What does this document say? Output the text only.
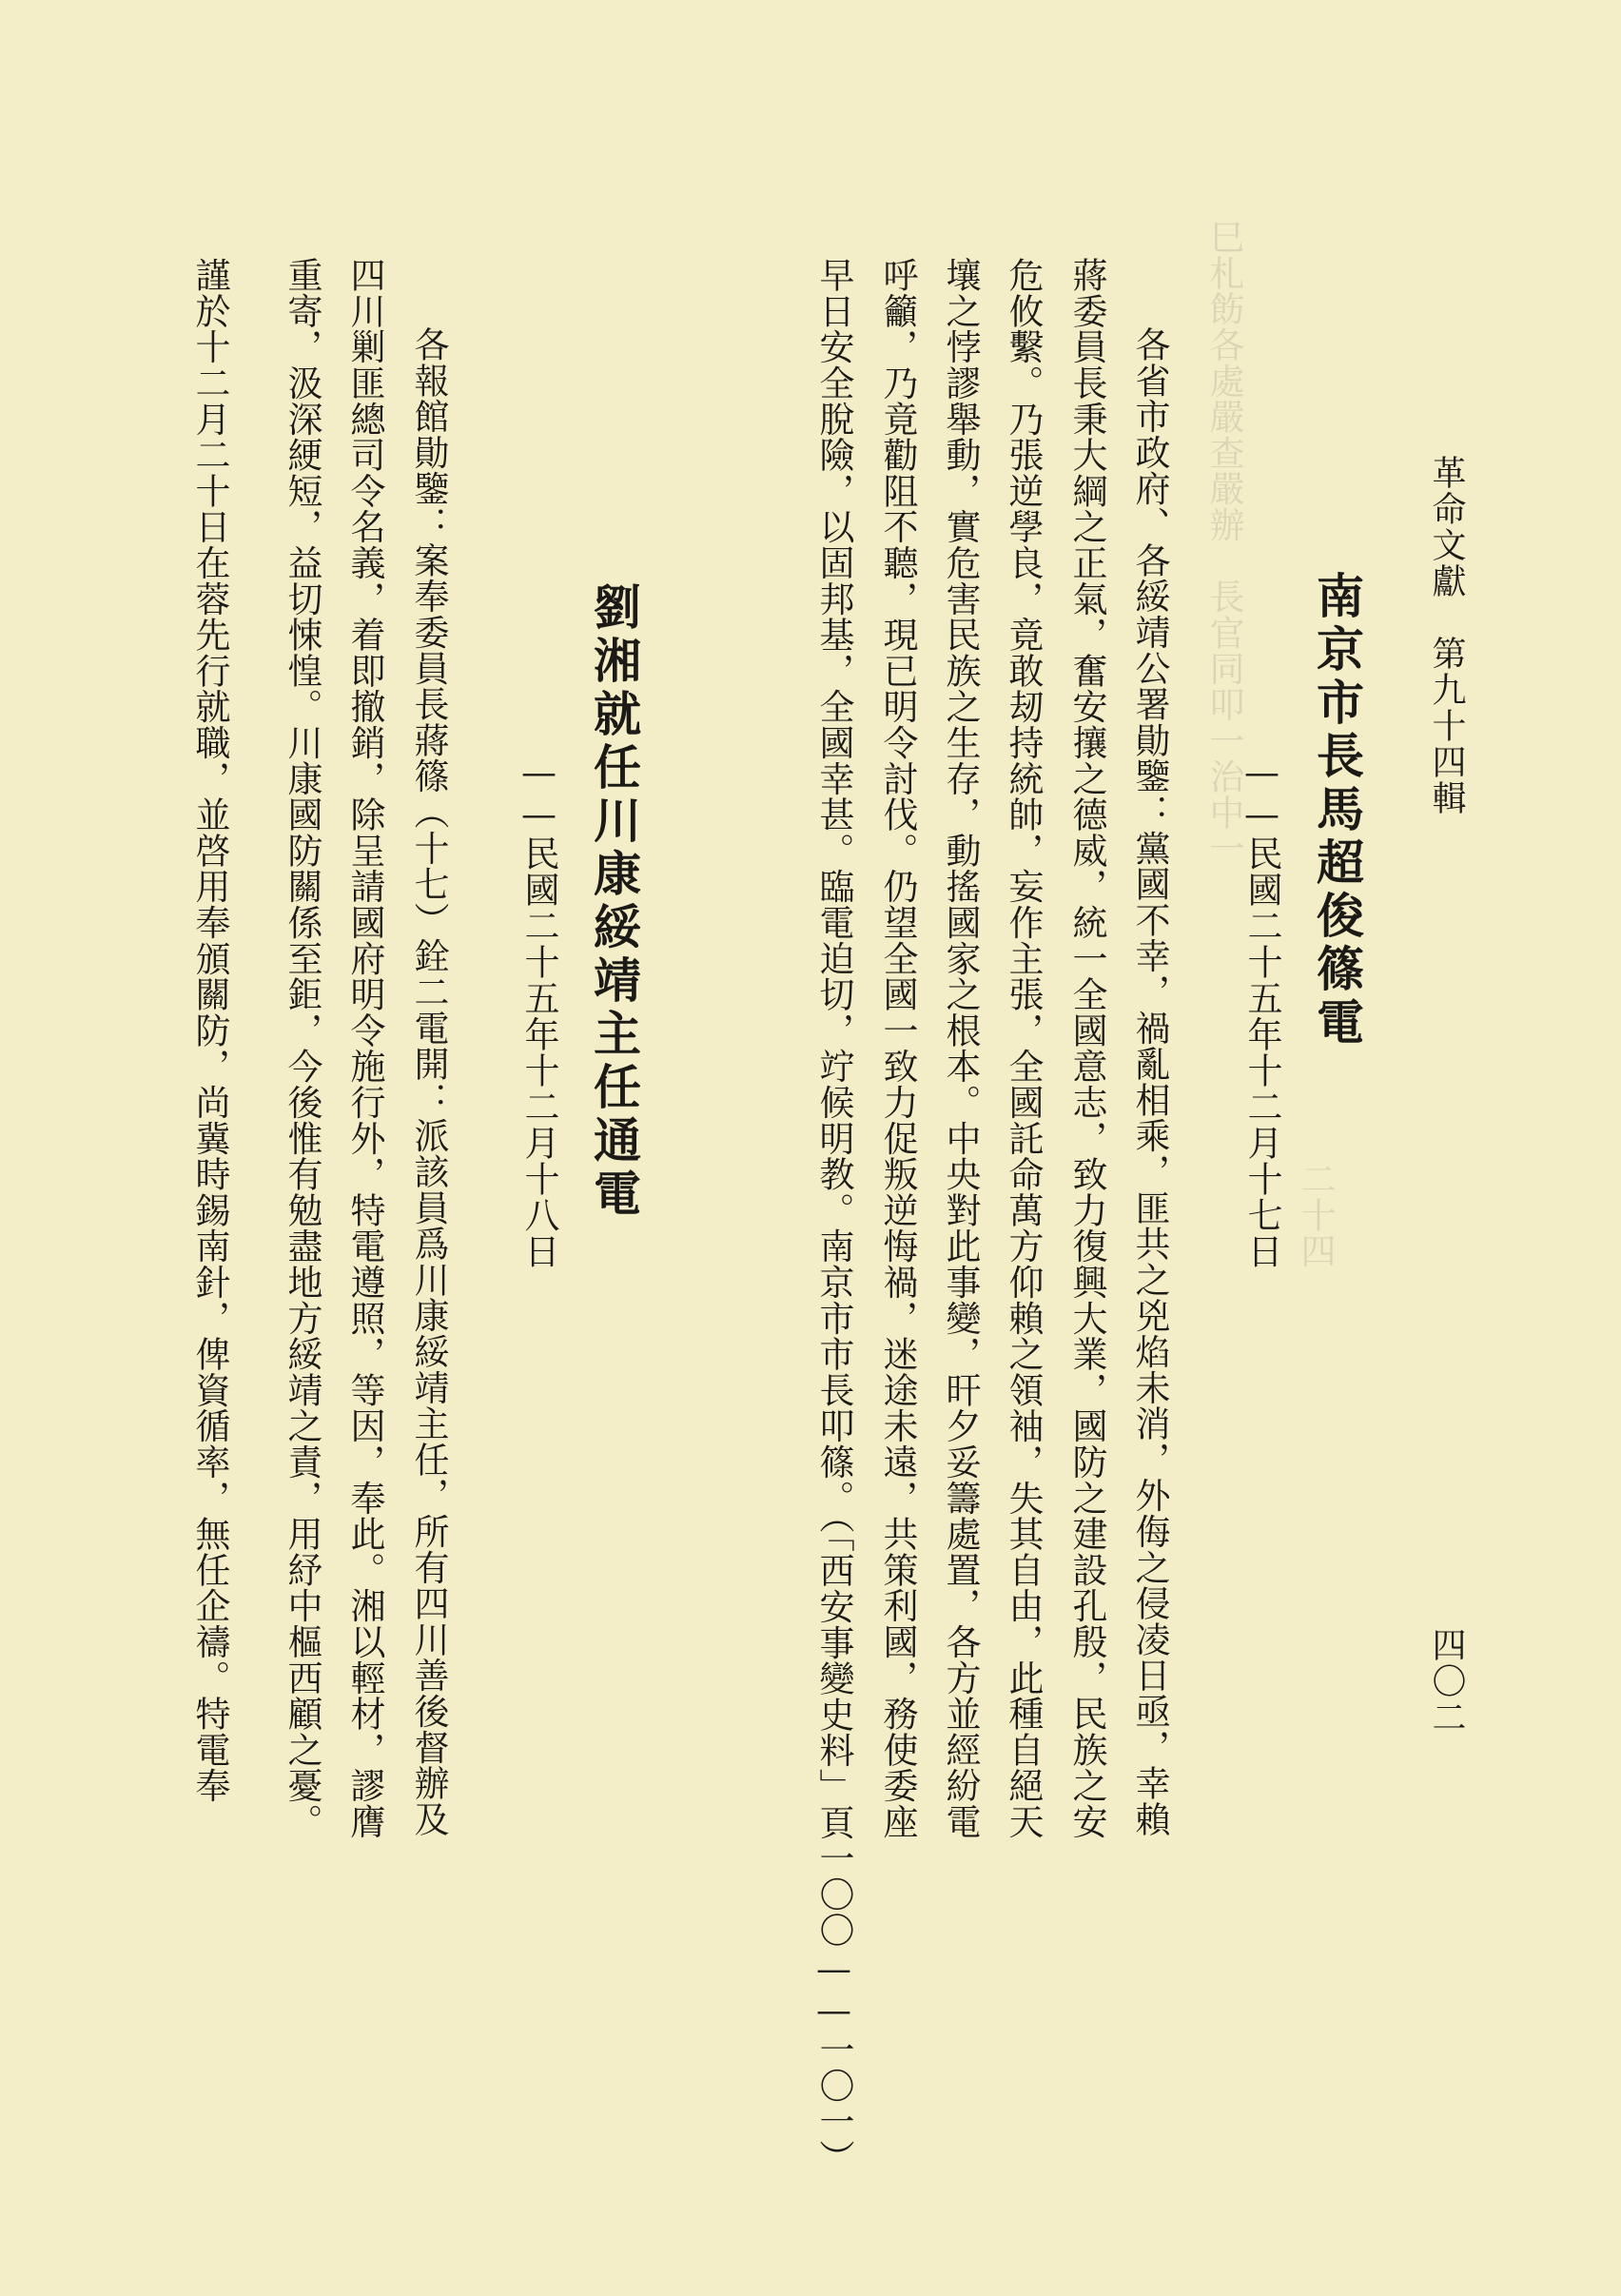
巳札飭各處嚴查嚴辦　長官同叩一治中一
二十四
革命文獻　第九十四輯
四〇二
南京市長馬超俊篠電
——民國二十五年十二月十七日
各省市政府、各綏靖公署勛鑒：黨國不幸，禍亂相乘，匪共之兇焰未消，外侮之侵凌日亟，幸賴
蔣委員長秉大綱之正氣，奮安攘之德威，統一全國意志，致力復興大業，國防之建設孔殷，民族之安
危攸繫。乃張逆學良，竟敢刼持統帥，妄作主張，全國託命萬方仰賴之領袖，失其自由，此種自絕天
壤之悖謬舉動，實危害民族之生存，動搖國家之根本。中央對此事變，旰夕妥籌處置，各方並經紛電
呼籲，乃竟勸阻不聽，現已明令討伐。仍望全國一致力促叛逆悔禍，迷途未遠，共策利國，務使委座
早日安全脫險，以固邦基，全國幸甚。臨電迫切，竚候明教。南京市市長叩篠。（「西安事變史料」頁一〇〇——一〇一）
劉湘就任川康綏靖主任通電
——民國二十五年十二月十八日
各報館勛鑒：案奉委員長蔣篠（十七）銓二電開：派該員爲川康綏靖主任，所有四川善後督辦及
四川剿匪總司令名義，着即撤銷，除呈請國府明令施行外，特電遵照，等因，奉此。湘以輕材，謬膺
重寄，汲深綆短，益切悚惶。川康國防關係至鉅，今後惟有勉盡地方綏靖之責，用紓中樞西顧之憂。
謹於十二月二十日在蓉先行就職，並啓用奉頒關防，尚冀時錫南針，俾資循率，無任企禱。特電奉
